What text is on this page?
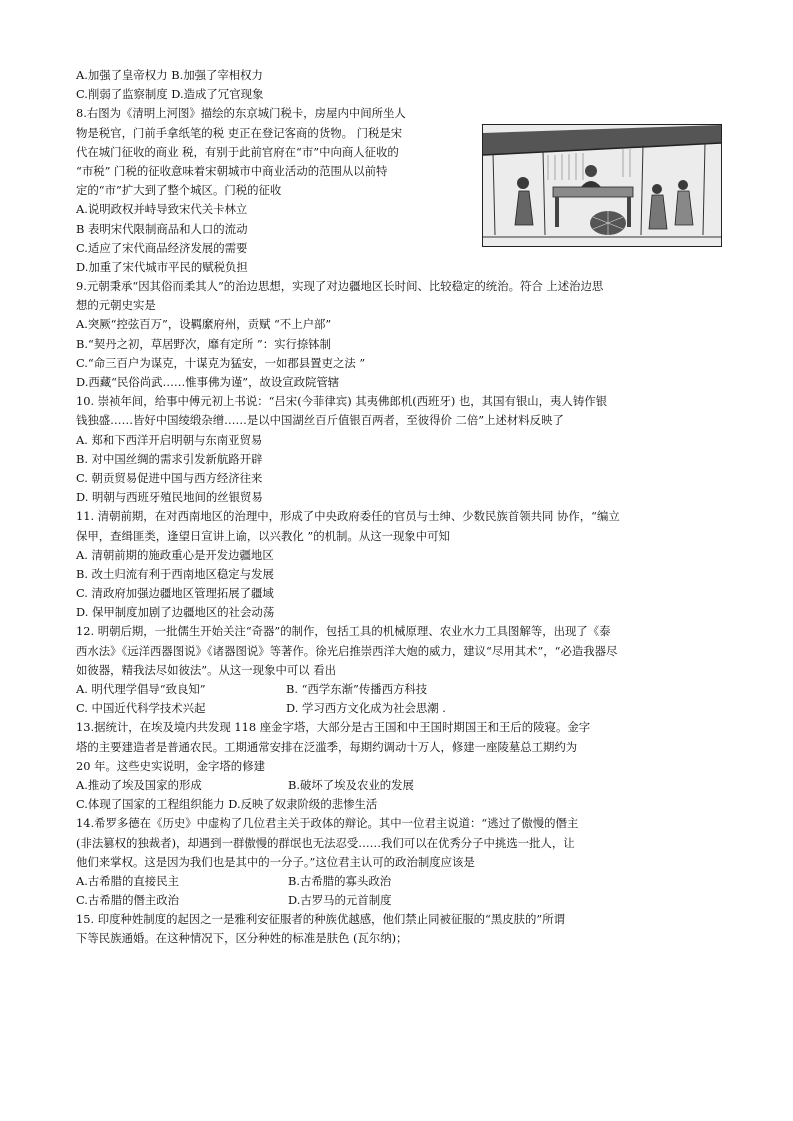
A.加强了皇帝权力 B.加强了宰相权力
C.削弱了监察制度 D.造成了冗官现象
8.右图为《清明上河图》描绘的东京城门税卡，房屋内中间所坐人
物是税官，门前手拿纸笔的税 吏正在登记客商的货物。 门税是宋
代在城门征收的商业 税，有别于此前官府在“市”中向商人征收的
“市税” 门税的征收意味着宋朝城市中商业活动的范围从以前特
定的“市”扩大到了整个城区。门税的征收
A.说明政权并峙导致宋代关卡林立
B 表明宋代限制商品和人口的流动
C.适应了宋代商品经济发展的需要
D.加重了宋代城市平民的赋税负担
9.元朝秉承“因其俗而柔其人”的治边思想，实现了对边疆地区长时间、比较稳定的统治。符合 上述治边思
想的元朝史实是
A.突厥“控弦百万”，设羁縻府州，贡赋 “不上户部”
B.“契丹之初，草居野次，靡有定所 ”：实行捺钵制
C.“命三百户为谋克，十谋克为猛安，一如郡县置吏之法 ”
D.西藏“民俗尚武……惟事佛为谨”，故设宣政院管辖
10. 崇祯年间，给事中傅元初上书说：“吕宋(今菲律宾) 其夷佛郎机(西班牙) 也，其国有银山，夷人铸作银
钱独盛……皆好中国绫缎杂缯……是以中国湖丝百斤值银百两者，至彼得价 二倍”上述材料反映了
A. 郑和下西洋开启明朝与东南亚贸易
B. 对中国丝绸的需求引发新航路开辟
C. 朝贡贸易促进中国与西方经济往来
D. 明朝与西班牙殖民地间的丝银贸易
11. 清朝前期，在对西南地区的治理中，形成了中央政府委任的官员与士绅、少数民族首领共同 协作，“编立
保甲，查缉匪类，逢望日宣讲上谕，以兴教化 ”的机制。从这一现象中可知
A. 清朝前期的施政重心是开发边疆地区
B. 改土归流有利于西南地区稳定与发展
C. 清政府加强边疆地区管理拓展了疆域
D. 保甲制度加剧了边疆地区的社会动荡
12. 明朝后期，一批儒生开始关注“奇器”的制作，包括工具的机械原理、农业水力工具图解等，出现了《泰
西水法》《远洋西器图说》《诸器图说》等著作。徐光启推崇西洋大炮的威力，建议“尽用其术”，“必造我器尽
如彼器，精我法尽如彼法”。从这一现象中可以 看出
A. 明代理学倡导“致良知”	B. “西学东渐”传播西方科技
C. 中国近代科学技术兴起	D. 学习西方文化成为社会思潮 .
13.据统计，在埃及境内共发现 118 座金字塔，大部分是古王国和中王国时期国王和王后的陵寝。金字
塔的主要建造者是普通农民。工期通常安排在泛滥季，每期约调动十万人，修建一座陵墓总工期约为
20 年。这些史实说明，金字塔的修建
A.推动了埃及国家的形成	B.破坏了埃及农业的发展
C.体现了国家的工程组织能力 D.反映了奴隶阶级的悲惨生活
14.希罗多德在《历史》中虚构了几位君主关于政体的辩论。其中一位君主说道：“逃过了傲慢的僭主
(非法篡权的独裁者)，却遇到一群傲慢的群氓也无法忍受……我们可以在优秀分子中挑选一批人，让
他们来掌权。这是因为我们也是其中的一分子。”这位君主认可的政治制度应该是
A.古希腊的直接民主	B.古希腊的寡头政治
C.古希腊的僭主政治	D.古罗马的元首制度
15. 印度种姓制度的起因之一是雅利安征服者的种族优越感，他们禁止同被征服的“黑皮肤的”所谓
下等民族通婚。在这种情况下，区分种姓的标准是肤色 (瓦尔纳)；
